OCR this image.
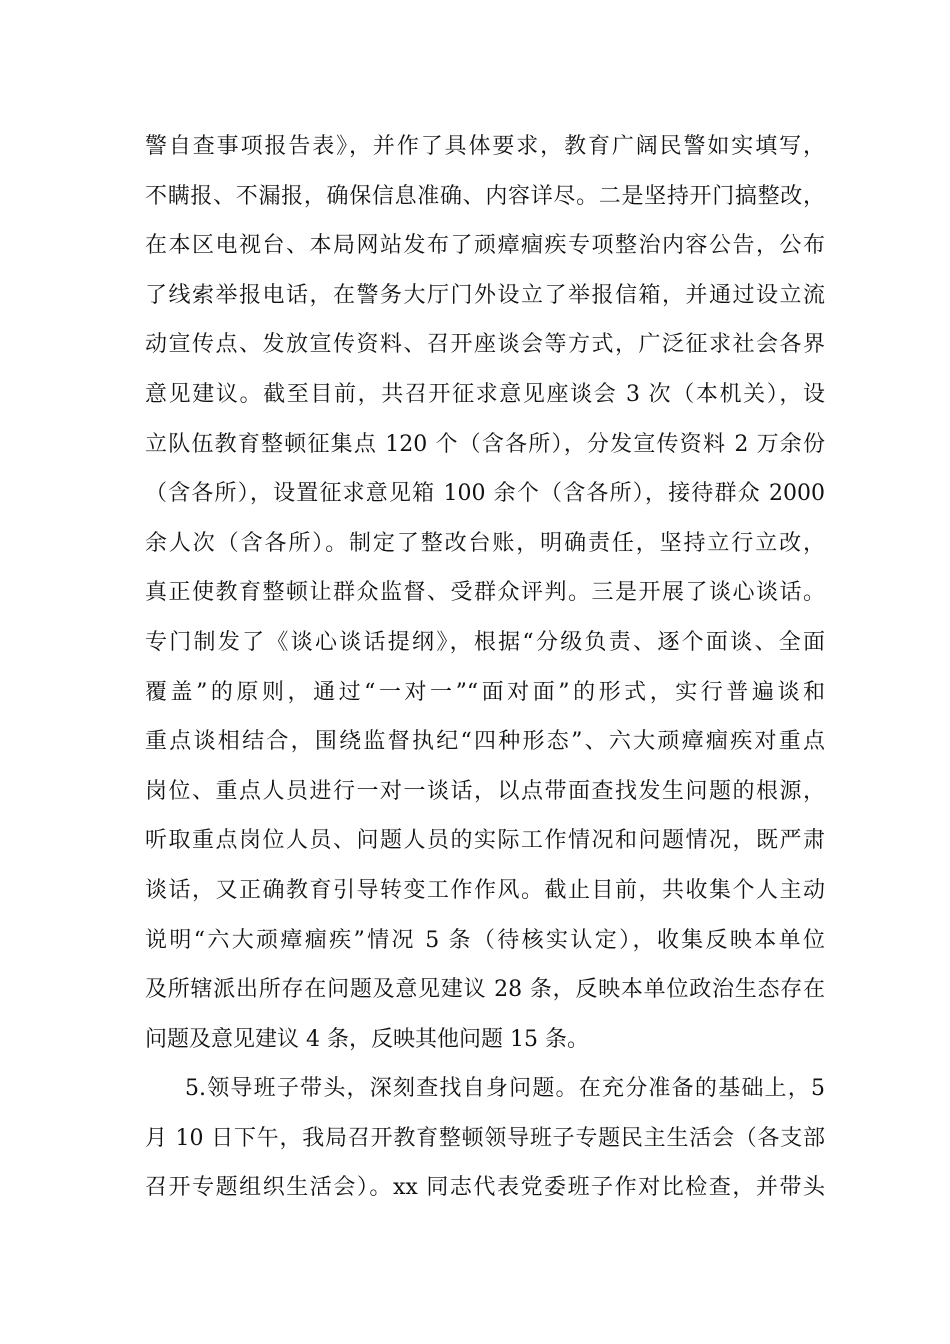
警自查事项报告表》，并作了具体要求，教育广阔民警如实填写，
不瞒报、不漏报，确保信息准确、内容详尽。二是坚持开门搞整改，
在本区电视台、本局网站发布了顽瘴痼疾专项整治内容公告，公布
了线索举报电话，在警务大厅门外设立了举报信箱，并通过设立流
动宣传点、发放宣传资料、召开座谈会等方式，广泛征求社会各界
意见建议。截至目前，共召开征求意见座谈会 3 次（本机关），设
立队伍教育整顿征集点 120 个（含各所），分发宣传资料 2 万余份
（含各所），设置征求意见箱 100 余个（含各所），接待群众 2000
余人次（含各所）。制定了整改台账，明确责任，坚持立行立改，
真正使教育整顿让群众监督、受群众评判。三是开展了谈心谈话。
专门制发了《谈心谈话提纲》，根据“分级负责、逐个面谈、全面
覆盖”的原则，通过“一对一”“面对面”的形式，实行普遍谈和
重点谈相结合，围绕监督执纪“四种形态”、六大顽瘴痼疾对重点
岗位、重点人员进行一对一谈话，以点带面查找发生问题的根源，
听取重点岗位人员、问题人员的实际工作情况和问题情况，既严肃
谈话，又正确教育引导转变工作作风。截止目前，共收集个人主动
说明“六大顽瘴痼疾”情况 5 条（待核实认定），收集反映本单位
及所辖派出所存在问题及意见建议 28 条，反映本单位政治生态存在
问题及意见建议 4 条，反映其他问题 15 条。
5.领导班子带头，深刻查找自身问题。在充分准备的基础上，5
月 10 日下午，我局召开教育整顿领导班子专题民主生活会（各支部
召开专题组织生活会）。xx 同志代表党委班子作对比检查，并带头
